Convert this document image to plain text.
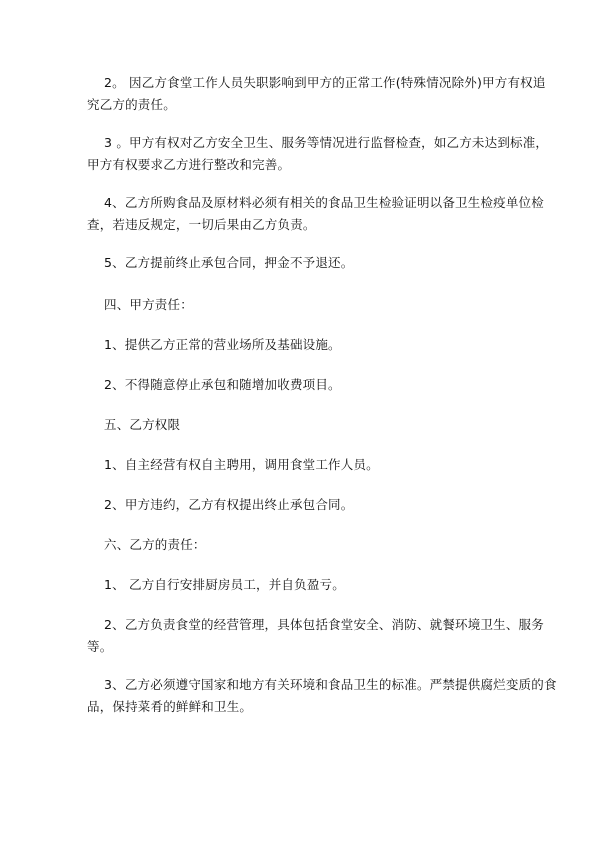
2。 因乙方食堂工作人员失职影响到甲方的正常工作(特殊情况除外)甲方有权追究乙方的责任。

3 。甲方有权对乙方安全卫生、服务等情况进行监督检查，如乙方未达到标准，甲方有权要求乙方进行整改和完善。

4、乙方所购食品及原材料必须有相关的食品卫生检验证明以备卫生检疫单位检查，若违反规定，一切后果由乙方负责。

5、乙方提前终止承包合同，押金不予退还。

四、甲方责任：

1、提供乙方正常的营业场所及基础设施。

2、不得随意停止承包和随增加收费项目。

五、乙方权限

1、自主经营有权自主聘用，调用食堂工作人员。

2、甲方违约，乙方有权提出终止承包合同。

六、乙方的责任：

1、 乙方自行安排厨房员工，并自负盈亏。

2、乙方负责食堂的经营管理，具体包括食堂安全、消防、就餐环境卫生、服务等。

3、乙方必须遵守国家和地方有关环境和食品卫生的标准。严禁提供腐烂变质的食品，保持菜肴的鲜鲜和卫生。
